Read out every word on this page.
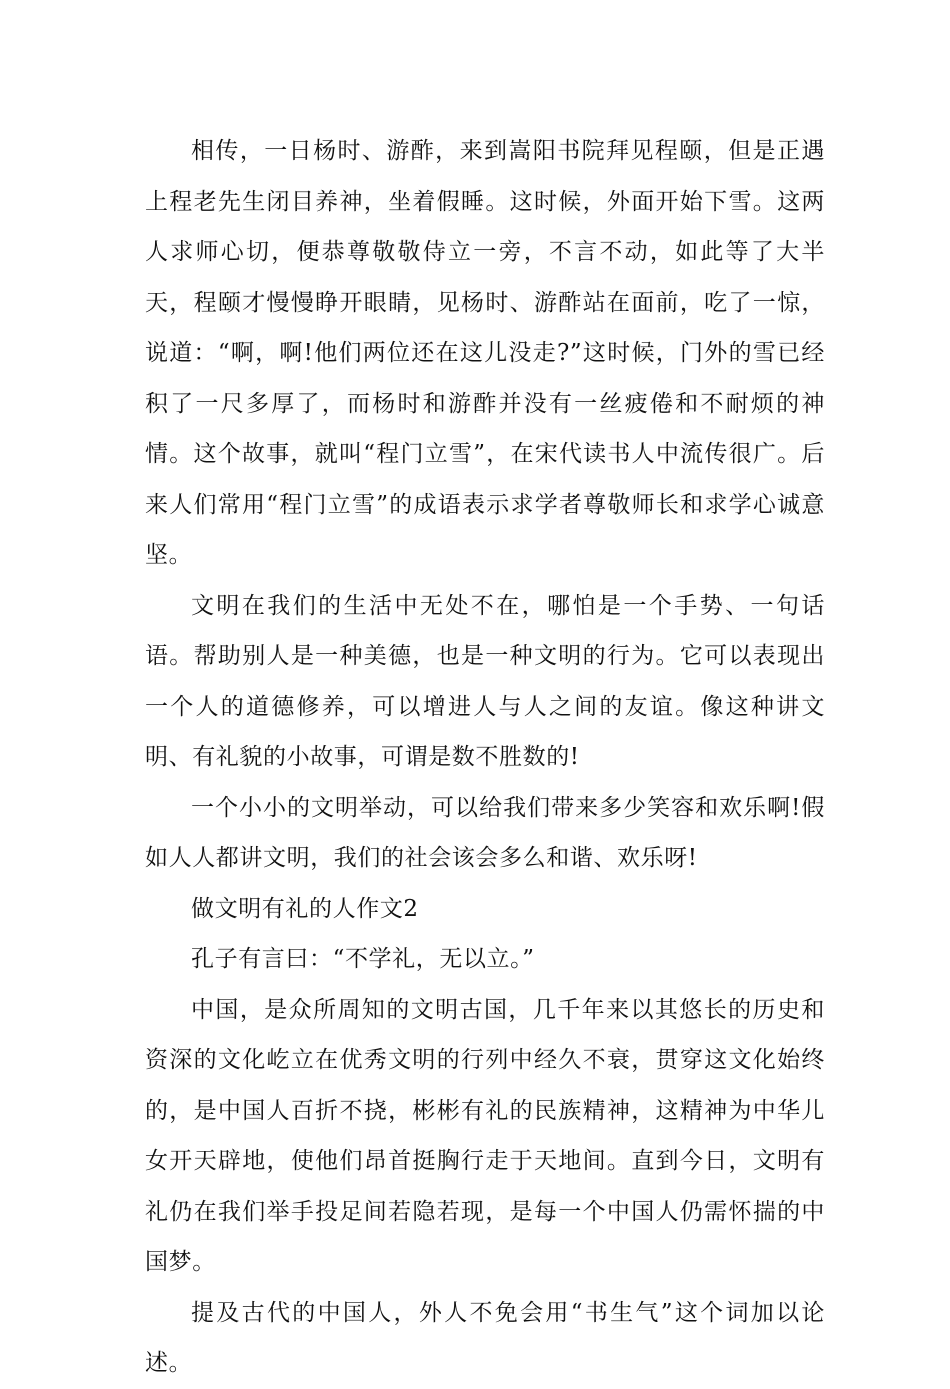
相传，一日杨时、游酢，来到嵩阳书院拜见程颐，但是正遇上程老先生闭目养神，坐着假睡。这时候，外面开始下雪。这两人求师心切，便恭尊敬敬侍立一旁，不言不动，如此等了大半天，程颐才慢慢睁开眼睛，见杨时、游酢站在面前，吃了一惊，说道：“啊，啊!他们两位还在这儿没走?”这时候，门外的雪已经积了一尺多厚了，而杨时和游酢并没有一丝疲倦和不耐烦的神情。这个故事，就叫“程门立雪”，在宋代读书人中流传很广。后来人们常用“程门立雪”的成语表示求学者尊敬师长和求学心诚意坚。

文明在我们的生活中无处不在，哪怕是一个手势、一句话语。帮助别人是一种美德，也是一种文明的行为。它可以表现出一个人的道德修养，可以增进人与人之间的友谊。像这种讲文明、有礼貌的小故事，可谓是数不胜数的!

一个小小的文明举动，可以给我们带来多少笑容和欢乐啊!假如人人都讲文明，我们的社会该会多么和谐、欢乐呀!

做文明有礼的人作文2

孔子有言曰：“不学礼，无以立。”

中国，是众所周知的文明古国，几千年来以其悠长的历史和资深的文化屹立在优秀文明的行列中经久不衰，贯穿这文化始终的，是中国人百折不挠，彬彬有礼的民族精神，这精神为中华儿女开天辟地，使他们昂首挺胸行走于天地间。直到今日，文明有礼仍在我们举手投足间若隐若现，是每一个中国人仍需怀揣的中国梦。

提及古代的中国人，外人不免会用“书生气”这个词加以论述。
